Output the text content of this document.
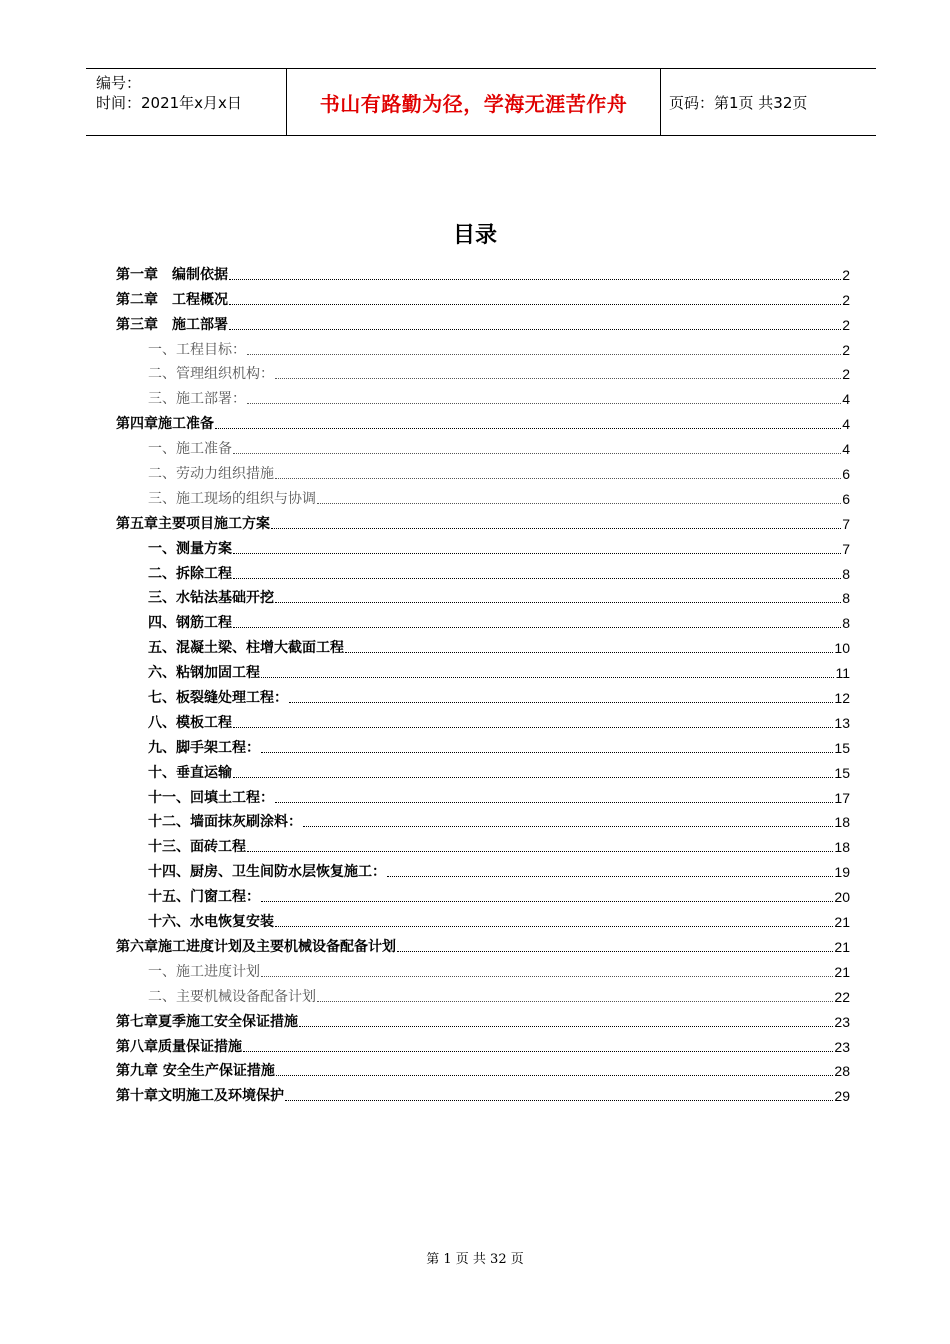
编号：
时间：2021年x月x日	书山有路勤为径，学海无涯苦作舟	页码：第1页 共32页
目录
第一章　编制依据	2
第二章　工程概况	2
第三章　施工部署	2
一、工程目标：	2
二、管理组织机构：	2
三、施工部署：	4
第四章施工准备	4
一、施工准备	4
二、劳动力组织措施	6
三、施工现场的组织与协调	6
第五章主要项目施工方案	7
一、测量方案	7
二、拆除工程	8
三、水钻法基础开挖	8
四、钢筋工程	8
五、混凝土梁、柱增大截面工程	10
六、粘钢加固工程	11
七、板裂缝处理工程：	12
八、模板工程	13
九、脚手架工程：	15
十、垂直运输	15
十一、回填土工程：	17
十二、墙面抹灰刷涂料：	18
十三、面砖工程	18
十四、厨房、卫生间防水层恢复施工：	19
十五、门窗工程：	20
十六、水电恢复安装	21
第六章施工进度计划及主要机械设备配备计划	21
一、施工进度计划	21
二、主要机械设备配备计划	22
第七章夏季施工安全保证措施	23
第八章质量保证措施	23
第九章 安全生产保证措施	28
第十章文明施工及环境保护	29
第 1 页 共 32 页
